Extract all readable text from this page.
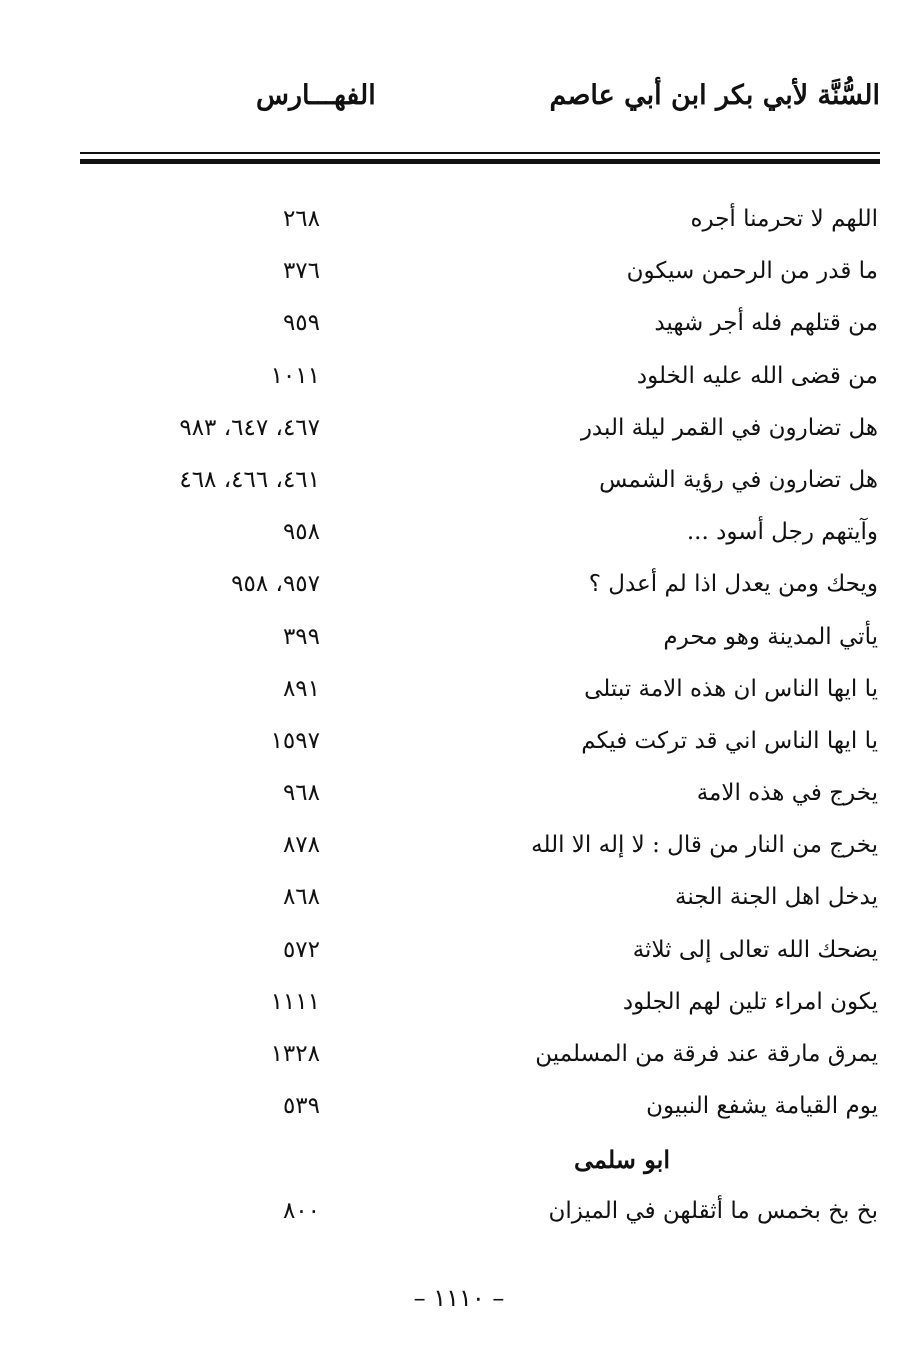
السُّنَّة لأبي بكر ابن أبي عاصم
الفهـــارس
اللهم لا تحرمنا أجره
٢٦٨
ما قدر من الرحمن سيكون
٣٧٦
من قتلهم فله أجر شهيد
٩٥٩
من قضى الله عليه الخلود
١٠١١
هل تضارون في القمر ليلة البدر
٤٦٧، ٦٤٧، ٩٨٣
هل تضارون في رؤية الشمس
٤٦١، ٤٦٦، ٤٦٨
وآيتهم رجل أسود ...
٩٥٨
ويحك ومن يعدل اذا لم أعدل ؟
٩٥٧، ٩٥٨
يأتي المدينة وهو محرم
٣٩٩
يا ايها الناس ان هذه الامة تبتلى
٨٩١
يا ايها الناس اني قد تركت فيكم
١٥٩٧
يخرج في هذه الامة
٩٦٨
يخرج من النار من قال : لا إله الا الله
٨٧٨
يدخل اهل الجنة الجنة
٨٦٨
يضحك الله تعالى إلى ثلاثة
٥٧٢
يكون امراء تلين لهم الجلود
١١١١
يمرق مارقة عند فرقة من المسلمين
١٣٢٨
يوم القيامة يشفع النبيون
٥٣٩
ابو سلمى
بخ بخ بخمس ما أثقلهن في الميزان
٨٠٠
– ١١١٠ –
